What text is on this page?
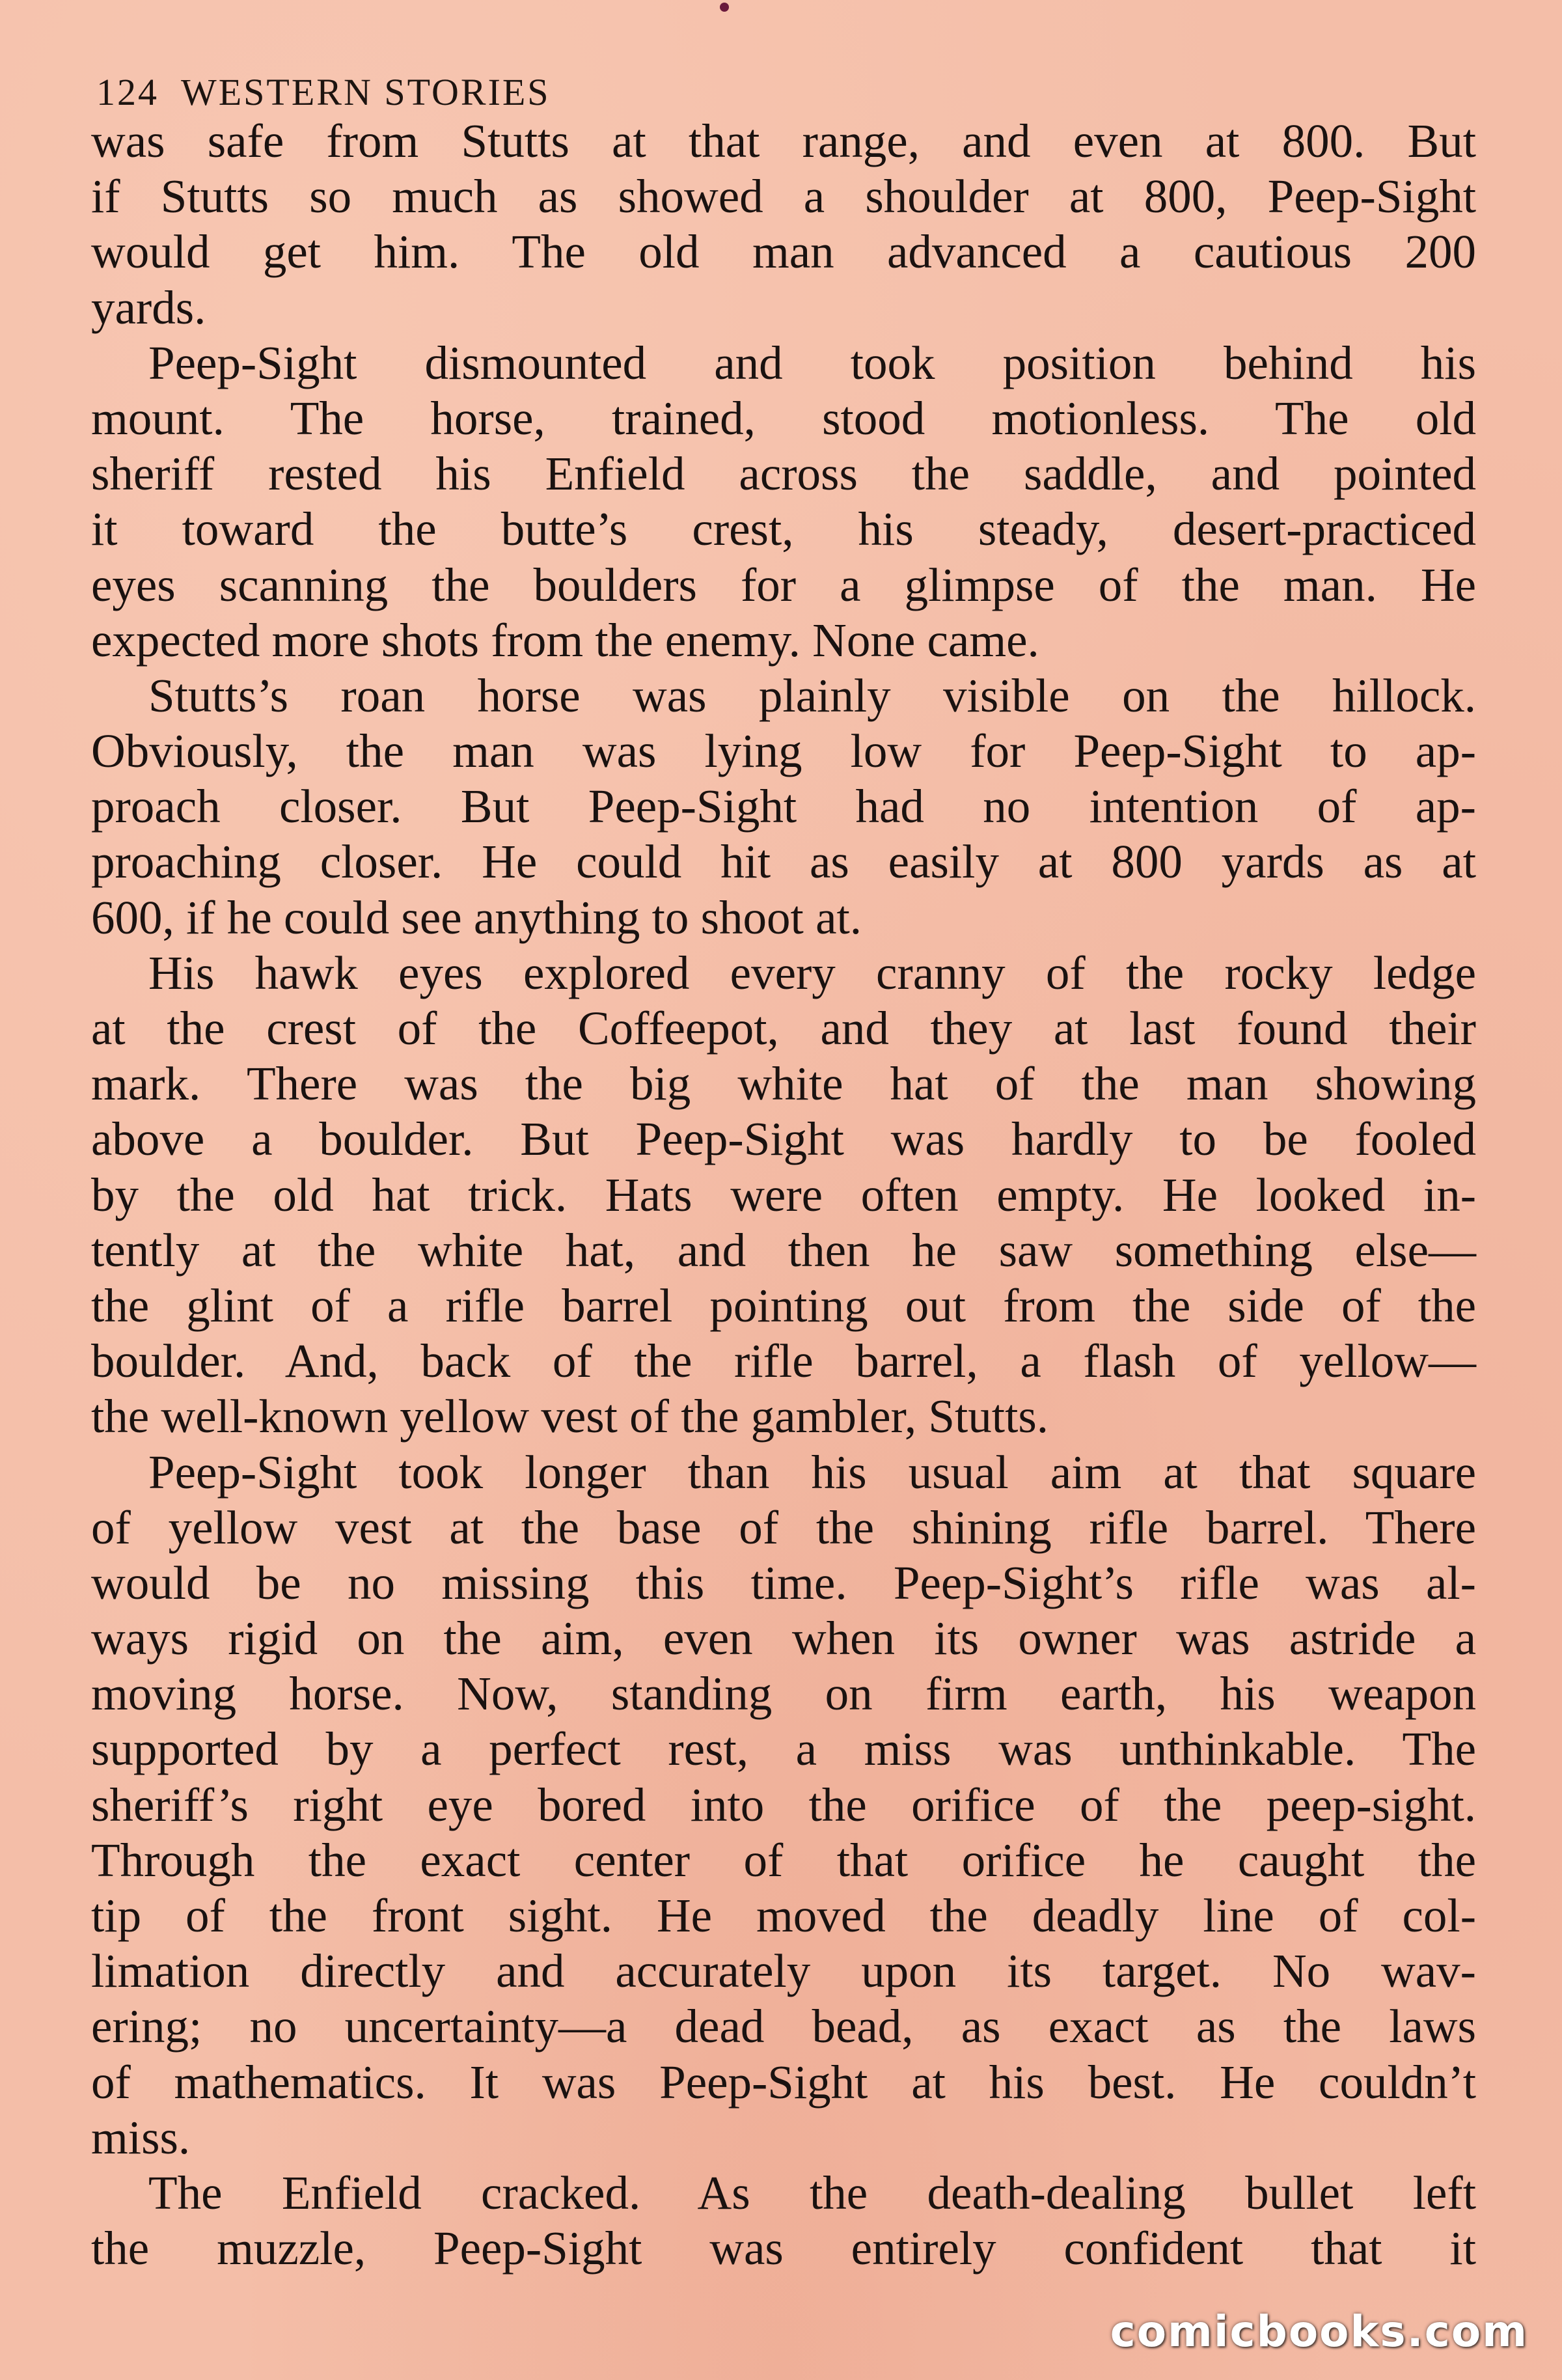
124 WESTERN STORIES
was safe from Stutts at that range, and even at 800. But
if Stutts so much as showed a shoulder at 800, Peep-Sight
would get him. The old man advanced a cautious 200
yards.
Peep-Sight dismounted and took position behind his
mount. The horse, trained, stood motionless. The old
sheriff rested his Enfield across the saddle, and pointed
it toward the butte’s crest, his steady, desert-practiced
eyes scanning the boulders for a glimpse of the man. He
expected more shots from the enemy. None came.
Stutts’s roan horse was plainly visible on the hillock.
Obviously, the man was lying low for Peep-Sight to ap-
proach closer. But Peep-Sight had no intention of ap-
proaching closer. He could hit as easily at 800 yards as at
600, if he could see anything to shoot at.
His hawk eyes explored every cranny of the rocky ledge
at the crest of the Coffeepot, and they at last found their
mark. There was the big white hat of the man showing
above a boulder. But Peep-Sight was hardly to be fooled
by the old hat trick. Hats were often empty. He looked in-
tently at the white hat, and then he saw something else—
the glint of a rifle barrel pointing out from the side of the
boulder. And, back of the rifle barrel, a flash of yellow—
the well-known yellow vest of the gambler, Stutts.
Peep-Sight took longer than his usual aim at that square
of yellow vest at the base of the shining rifle barrel. There
would be no missing this time. Peep-Sight’s rifle was al-
ways rigid on the aim, even when its owner was astride a
moving horse. Now, standing on firm earth, his weapon
supported by a perfect rest, a miss was unthinkable. The
sheriff’s right eye bored into the orifice of the peep-sight.
Through the exact center of that orifice he caught the
tip of the front sight. He moved the deadly line of col-
limation directly and accurately upon its target. No wav-
ering; no uncertainty—a dead bead, as exact as the laws
of mathematics. It was Peep-Sight at his best. He couldn’t
miss.
The Enfield cracked. As the death-dealing bullet left
the muzzle, Peep-Sight was entirely confident that it
comicbooks.com
